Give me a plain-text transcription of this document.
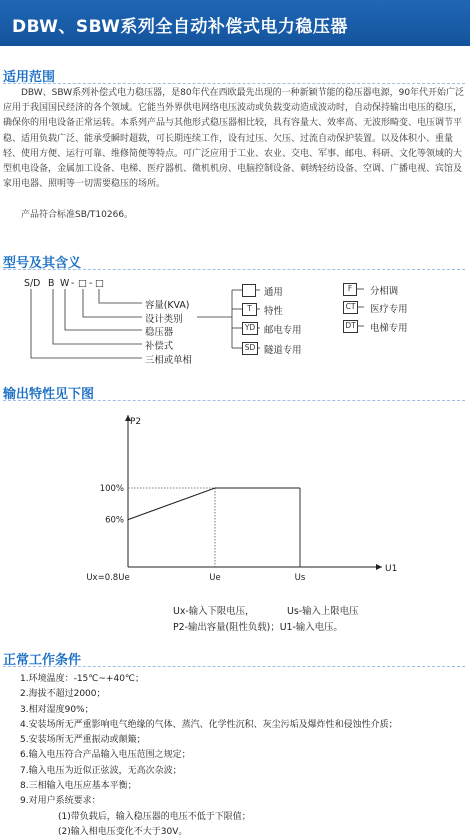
DBW、SBW系列全自动补偿式电力稳压器
适用范围
DBW、SBW系列补偿式电力稳压器，是80年代在西欧最先出现的一种新颖节能的稳压器电源，90年代开始广泛应用于我国国民经济的各个领域。它能当外界供电网络电压波动或负载变动造成波动时，自动保持输出电压的稳压，确保你的用电设备正常运转。本系列产品与其他形式稳压器相比较，具有容量大、效率高、无波形畸变、电压调节平稳、适用负载广泛、能承受瞬时超载，可长期连续工作，设有过压、欠压、过流自动保护装置。以及体积小、重量轻、使用方便、运行可靠、维修简便等特点。可广泛应用于工业、农业、交电、军事、邮电、科研、文化等领域的大型机电设备，金属加工设备、电梯、医疗器机、微机机房、电脑控制设备、刺绣轻纺设备、空调、广播电视、宾馆及家用电器、照明等一切需要稳压的场所。
产品符合标准SB/T10266。
型号及其含义
S/D B W - □ - □
容量(KVA)
设计类别
稳压器
补偿式
三相或单相
通用
T	特性
YD 邮电专用
SD 隧道专用
F	分相调
CT 医疗专用
DT 电梯专用
输出特性见下图
P2
U1
100%
60%
Ux=0.8Ue	Ue	Us
Ux-输入下限电压，	Us-输入上限电压
P2-输出容量(阻性负载)；U1-输入电压。
正常工作条件
1.环境温度：-15℃~+40℃；
2.海拔不超过2000；
3.相对湿度90%；
4.安装场所无严重影响电气绝缘的气体、蒸汽、化学性沉积、灰尘污垢及爆炸性和侵蚀性介质；
5.安装场所无严重振动或颠簸；
6.输入电压符合产品输入电压范围之规定；
7.输入电压为近似正弦波，无高次杂波；
8.三相输入电压应基本平衡；
9.对用户系统要求：
(1)带负载后，输入稳压器的电压不低于下限值；
(2)输入相电压变化不大于30V。
